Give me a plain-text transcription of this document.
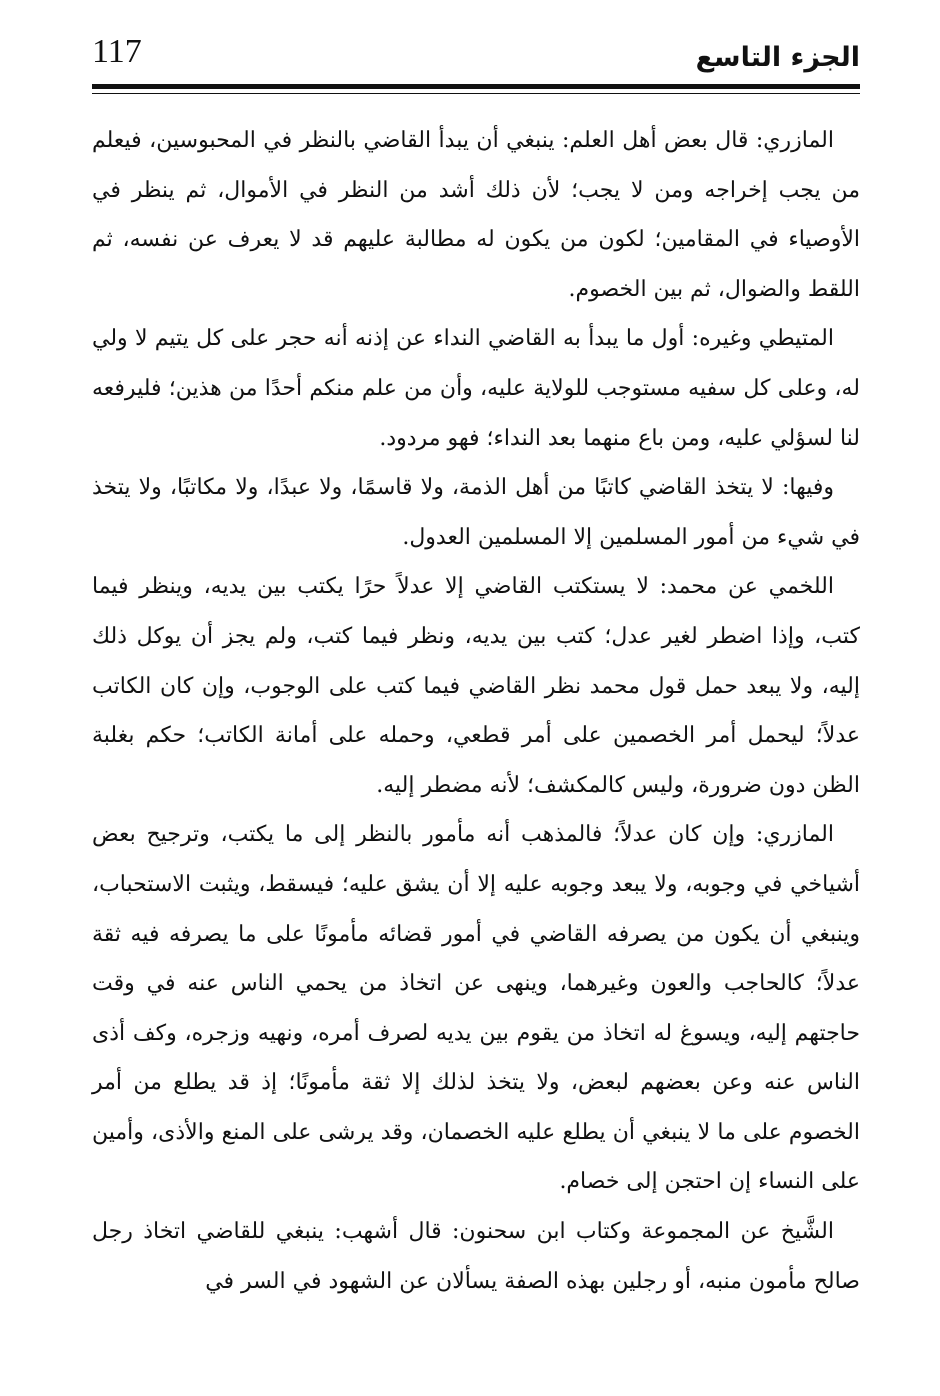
الجزء التاسع
117

المازري: قال بعض أهل العلم: ينبغي أن يبدأ القاضي بالنظر في المحبوسين، فيعلم من يجب إخراجه ومن لا يجب؛ لأن ذلك أشد من النظر في الأموال، ثم ينظر في الأوصياء في المقامين؛ لكون من يكون له مطالبة عليهم قد لا يعرف عن نفسه، ثم اللقط والضوال، ثم بين الخصوم.

المتيطي وغيره: أول ما يبدأ به القاضي النداء عن إذنه أنه حجر على كل يتيم لا ولي له، وعلى كل سفيه مستوجب للولاية عليه، وأن من علم منكم أحدًا من هذين؛ فليرفعه لنا لسؤلي عليه، ومن باع منهما بعد النداء؛ فهو مردود.

وفيها: لا يتخذ القاضي كاتبًا من أهل الذمة، ولا قاسمًا، ولا عبدًا، ولا مكاتبًا، ولا يتخذ في شيء من أمور المسلمين إلا المسلمين العدول.

اللخمي عن محمد: لا يستكتب القاضي إلا عدلاً حرًا يكتب بين يديه، وينظر فيما كتب، وإذا اضطر لغير عدل؛ كتب بين يديه، ونظر فيما كتب، ولم يجز أن يوكل ذلك إليه، ولا يبعد حمل قول محمد نظر القاضي فيما كتب على الوجوب، وإن كان الكاتب عدلاً؛ ليحمل أمر الخصمين على أمر قطعي، وحمله على أمانة الكاتب؛ حكم بغلبة الظن دون ضرورة، وليس كالمكشف؛ لأنه مضطر إليه.

المازري: وإن كان عدلاً؛ فالمذهب أنه مأمور بالنظر إلى ما يكتب، وترجيح بعض أشياخي في وجوبه، ولا يبعد وجوبه عليه إلا أن يشق عليه؛ فيسقط، ويثبت الاستحباب، وينبغي أن يكون من يصرفه القاضي في أمور قضائه مأمونًا على ما يصرفه فيه ثقة عدلاً؛ كالحاجب والعون وغيرهما، وينهى عن اتخاذ من يحمي الناس عنه في وقت حاجتهم إليه، ويسوغ له اتخاذ من يقوم بين يديه لصرف أمره، ونهيه وزجره، وكف أذى الناس عنه وعن بعضهم لبعض، ولا يتخذ لذلك إلا ثقة مأمونًا؛ إذ قد يطلع من أمر الخصوم على ما لا ينبغي أن يطلع عليه الخصمان، وقد يرشى على المنع والأذى، وأمين على النساء إن احتجن إلى خصام.

الشَّيخ عن المجموعة وكتاب ابن سحنون: قال أشهب: ينبغي للقاضي اتخاذ رجل صالح مأمون منبه، أو رجلين بهذه الصفة يسألان عن الشهود في السر في
